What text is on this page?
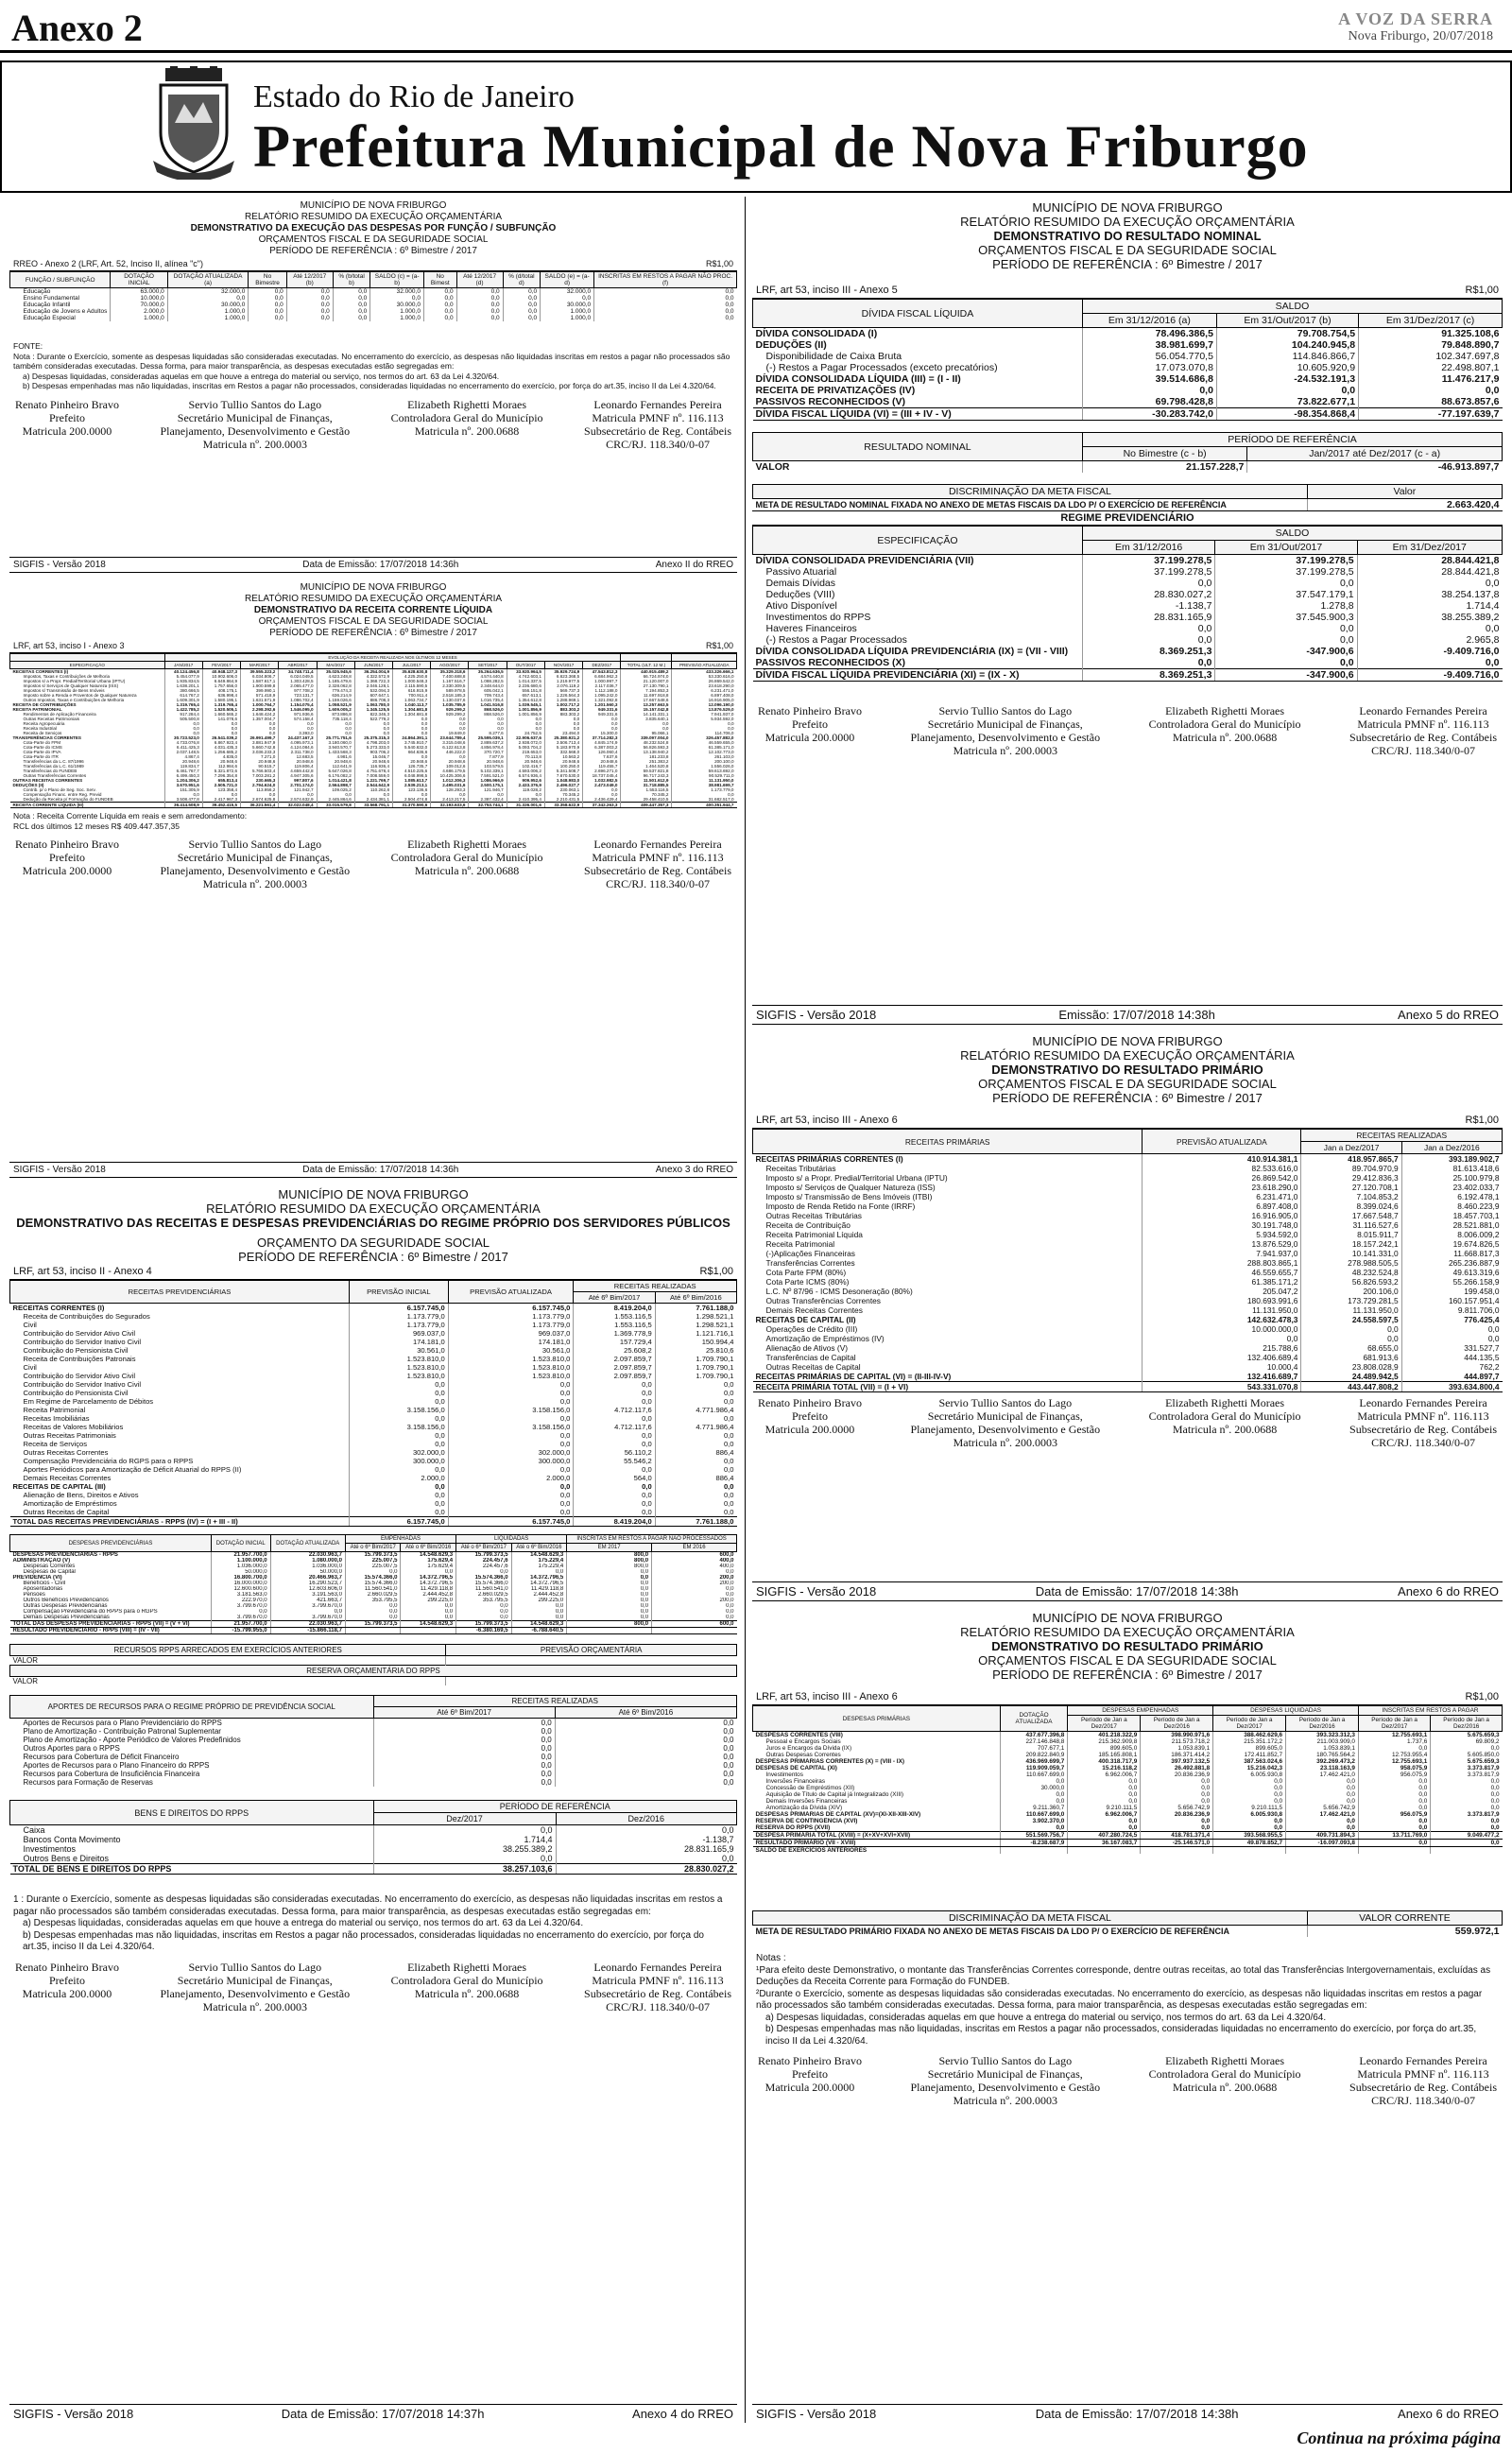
Anexo 2	A VOZ DA SERRA
Nova Friburgo, 20/07/2018
Estado do Rio de Janeiro
Prefeitura Municipal de Nova Friburgo
MUNICÍPIO DE NOVA FRIBURGO
RELATÓRIO RESUMIDO DA EXECUÇÃO ORÇAMENTÁRIA
DEMONSTRATIVO DA EXECUÇÃO DAS DESPESAS POR FUNÇÃO / SUBFUNÇÃO
ORÇAMENTOS FISCAL E DA SEGURIDADE SOCIAL
PERÍODO DE REFERÊNCIA : 6º Bimestre / 2017
RREO - Anexo 2 (LRF, Art. 52, Inciso II, alínea "c")	R$1,00
FUNÇÃO / SUBFUNÇÃO	DOTAÇÃO INICIAL	DOTAÇÃO ATUALIZADA (a)	No Bimestre	Até 12/2017 (b)	% (b/total b)	SALDO (c) = (a-b)	No Bimest	Até 12/2017 (d)	% (d/total d)	SALDO (e) = (a-d)	INSCRITAS EM RESTOS A PAGAR NÃO PROC. (f)
Educação	63.000,0	32.000,0	0,0	0,0	0,0	32.000,0	0,0	0,0	0,0	32.000,0	0,0
Ensino Fundamental	10.000,0	0,0	0,0	0,0	0,0	0,0	0,0	0,0	0,0	0,0	0,0
Educação Infantil	70.000,0	30.000,0	0,0	0,0	0,0	30.000,0	0,0	0,0	0,0	30.000,0	0,0
Educação de Jovens e Adultos	2.000,0	1.000,0	0,0	0,0	0,0	1.000,0	0,0	0,0	0,0	1.000,0	0,0
Educação Especial	1.000,0	1.000,0	0,0	0,0	0,0	1.000,0	0,0	0,0	0,0	1.000,0	0,0
FONTE:
Nota : Durante o Exercício, somente as despesas liquidadas são consideradas executadas. No encerramento do exercício, as despesas não liquidadas inscritas em restos a pagar não processados são também consideradas executadas. Dessa forma, para maior transparência, as despesas executadas estão segregadas em:
a) Despesas liquidadas, consideradas aquelas em que houve a entrega do material ou serviço, nos termos do art. 63 da Lei 4.320/64.
b) Despesas empenhadas mas não liquidadas, inscritas em Restos a pagar não processados, consideradas liquidadas no encerramento do exercício, por força do art.35, inciso II da Lei 4.320/64.
Renato Pinheiro Bravo
Prefeito
Matricula 200.0000
Servio Tullio Santos do Lago
Secretário Municipal de Finanças,
Planejamento, Desenvolvimento e Gestão
Matricula nº. 200.0003
Elizabeth Righetti Moraes
Controladora Geral do Município
Matricula nº. 200.0688
Leonardo Fernandes Pereira
Matricula PMNF nº. 116.113
Subsecretário de Reg. Contábeis
CRC/RJ. 118.340/0-07
SIGFIS - Versão 2018	Data de Emissão: 17/07/2018 14:36h	Anexo II do RREO
MUNICÍPIO DE NOVA FRIBURGO
RELATÓRIO RESUMIDO DA EXECUÇÃO ORÇAMENTÁRIA
DEMONSTRATIVO DA RECEITA CORRENTE LÍQUIDA
ORÇAMENTOS FISCAL E DA SEGURIDADE SOCIAL
PERÍODO DE REFERÊNCIA : 6º Bimestre / 2017
LRF, art 53, inciso I - Anexo 3	R$1,00
	EVOLUÇÃO DA RECEITA REALIZADA NOS ÚLTIMOS 12 MESES													
ESPECIFICAÇÃO	JAN/2017	FEV/2017	MAR/2017	ABR/2017	MAI/2017	JUN/2017	JUL/2017	AGO/2017	SET/2017	OUT/2017	NOV/2017	DEZ/2017	TOTAL (ULT. 12 M.)	PREVISÃO ATUALIZADA
RECEITAS CORRENTES (I)	40.124.456,8	40.948.127,3	39.555.323,2	34.748.711,4	35.025.945,6	36.254.004,9	35.628.630,8	35.329.318,6	35.264.636,5	33.920.964,5	35.929.724,9	47.543.812,3	440.915.489,2	433.326.666,1
Impostos, Taxas e Contribuições de Melhoria	5.454.077,9	10.902.606,0	6.034.806,7	6.024.049,5	4.623.248,8	4.322.572,9	4.225.250,8	7.400.688,8	4.574.440,8	4.742.603,1	6.623.368,5	6.684.962,3	66.724.974,0	53.330.616,0
Impostos s/ a Propr. Predial/Territorial Urbana (IPTU)	1.935.834,5	6.649.864,9	1.587.617,1	1.303.428,5	1.185.479,6	1.368.722,3	1.000.548,3	1.167.516,7	1.088.282,5	1.014.337,5	1.219.977,5	1.000.997,7	21.120.007,0	26.869.542,0
Impostos s/ Serviços de Qualquer Natureza (ISS)	1.638.201,1	1.757.656,0	1.900.599,8	2.065.477,0	2.328.062,8	2.046.128,1	2.115.590,5	2.330.309,5	2.348.644,0	2.236.680,6	2.076.119,2	2.117.036,7	27.130.790,1	23.618.290,0
Impostos s/ Transmissão de Bens Imóveis	380.666,5	408.175,1	399.990,1	977.708,2	779.474,3	532.094,3	616.915,9	589.978,5	605.042,1	556.151,8	569.737,3	1.112.188,0	7.194.853,3	6.231.471,0
Imposto sobre a Renda e Proventos de Qualquer Natureza	614.767,2	636.998,4	571.418,9	723.131,7	636.214,9	607.647,1	700.911,4	2.518.185,3	709.743,4	657.613,1	1.226.564,3	1.095.242,0	11.697.918,8	6.897.408,0
Outros Impostos, Taxas e Contribuições de Melhoria	1.609.301,9	1.580.195,1	1.631.571,9	1.086.702,4	1.159.026,6	886.708,3	1.063.734,7	1.130.037,6	1.016.735,4	1.354.612,8	1.288.969,1	1.321.092,8	17.667.548,6	16.916.905,0
RECEITA DE CONTRIBUIÇÕES	1.319.765,4	1.319.765,4	1.000.764,7	1.154.075,4	1.058.521,9	1.063.780,0	1.040.113,7	1.035.785,9	1.041.516,8	1.039.545,1	1.002.717,2	1.201.560,3	13.257.663,5	12.096.190,0
RECEITA PATRIMONIAL	1.422.785,2	1.520.505,1	2.298.392,6	1.546.095,0	1.609.005,2	1.345.125,5	1.304.681,8	929.299,2	868.526,0	1.001.856,9	883.303,2	949.331,6	15.157.042,8	13.876.529,0
Rendimentos de Aplicação Financeira	917.284,4	1.660.565,2	1.648.424,2	971.936,6	873.886,8	822.346,3	1.304.681,8	929.299,2	868.526,0	1.001.856,9	883.303,2	949.331,6	14.141.331,1	7.941.937,0
Outras Receitas Patrimoniais	505.500,8	141.078,6	1.357.004,7	574.158,4	735.118,4	522.779,2	0,0	0,0	0,0	0,0	0,0	0,0	3.835.640,1	5.934.592,0
Receita Agropecuária	0,0	0,0	0,0	0,0	0,0	0,0	0,0	0,0	0,0	0,0	0,0	0,0	0,0	0,0
Receita Industrial	0,0	0,0	0,0	0,0	0,0	0,0	0,0	0,0	0,0	0,0	0,0	0,0	0,0	0,0
Receita de Serviços	0,0	0,0	0,0	3.393,0	0,0	0,0	0,0	19.849,0	8.277,6	24.752,5	23.494,0	15.300,0	95.066,1	114.706,0
TRANSFERÊNCIAS CORRENTES	30.723.523,0	26.541.039,2	26.991.499,7	24.437.167,3	25.771.751,6	25.375.315,3	24.864.391,1	23.644.789,4	25.595.039,1	22.906.637,6	25.380.921,2	37.714.282,3	339.097.004,0	326.457.882,0
Cota-Parte do FPM	4.733.076,8	6.867.923,4	3.881.947,9	4.095.973,1	3.180.060,0	4.798.203,0	3.745.910,7	3.315.048,6	2.889.637,2	2.938.072,0	3.506.713,4	4.845.174,9	48.232.524,8	46.559.655,0
Cota-Parte do ICMS	6.411.425,3	4.031.435,3	5.660.742,8	4.124.084,6	3.940.570,7	5.273.333,0	5.540.632,0	6.122.613,8	4.856.978,4	5.093.704,2	5.183.970,9	6.387.003,2	56.826.593,3	61.385.171,0
Cota-Parte do IPVA	2.037.148,5	1.256.685,2	3.036.233,3	2.311.738,0	1.433.568,3	903.706,2	664.636,6	446.222,0	370.720,7	219.653,0	332.568,0	126.060,4	13.138.940,2	12.102.773,0
Cota-Parte do ITR	4.867,4	4.835,0	7.271,0	12.683,5	4.981,6	15.046,7	0,0	0,0	7.877,9	70.113,8	10.563,2	7.637,6	181.233,8	261.103,0
Transferências da L.C. 87/1996	20.948,6	20.948,6	20.948,6	20.948,6	20.948,6	20.948,6	20.948,6	20.948,6	20.948,6	20.948,6	20.948,6	20.948,6	251.383,2	200.100,0
Transferências da L.C. 61/1989	119.834,7	112.984,6	90.515,7	119.806,4	112.641,9	116.936,4	126.735,7	109.012,6	103.579,5	102.416,7	100.250,0	119.455,7	1.464.520,8	1.556.026,0
Transferências do FUNDEB	6.461.767,7	5.321.872,6	5.766.503,4	4.659.442,8	5.647.026,8	4.751.678,4	4.510.225,6	4.686.179,5	5.102.339,1	4.593.006,2	5.341.508,7	2.696.271,0	59.537.821,8	59.613.692,0
Outras Transferências Correntes	6.499.450,3	7.296.354,8	7.003.281,2	4.947.305,6	6.176.082,2	7.008.559,0	6.048.998,5	10.425.306,6	7.591.521,0	6.574.936,4	7.670.530,0	18.737.045,4	96.717.243,3	90.529.711,0
OUTRAS RECEITAS CORRENTES	1.204.306,2	655.813,4	230.665,3	997.807,6	1.014.421,8	1.221.769,7	1.085.613,7	1.012.306,3	1.086.966,9	909.952,6	1.048.983,0	1.032.982,5	11.501.612,9	11.131.950,0
DEDUÇÕES (II)	3.670.951,6	2.505.721,0	2.794.624,0	2.701.174,0	2.564.898,7	2.544.642,9	2.539.213,1	2.495.031,6	2.500.175,1	2.433.376,9	2.496.027,7	2.473.049,0	31.718.885,5	38.981.699,7
Contrib. p/ o Plano de Seg. Soc. Serv.	151.305,9	123.358,4	113.956,2	121.942,7	109.025,2	110.262,8	123.136,6	128.293,3	121.946,7	119.028,2	230.063,1	0,0	1.553.116,5	1.173.779,0
Compensação Financ. entre Reg. Previd	0,0	0,0	0,0	0,0	0,0	0,0	0,0	0,0	0,0	0,0	70.345,2	0,0	70.345,2	0,0
Dedução da Receita p/ Formação do FUNDEB	3.508.477,8	2.417.967,3	2.674.625,8	2.574.632,9	2.445.864,6	2.434.381,1	2.504.474,8	2.413.217,5	2.387.432,4	2.410.395,4	2.210.431,5	2.436.429,4	29.458.410,5	31.682.517,0
RECEITA CORRENTE LÍQUIDA (III)	36.414.508,9	39.452.415,5	36.221.561,4	32.022.048,4	33.015.579,8	33.568.791,1	31.370.590,6	32.193.633,6	32.753.744,1	31.326.001,6	33.358.622,9	37.342.263,3	409.447.357,3	400.351.944,7
Nota : Receita Corrente Líquida em reais e sem arredondamento:
RCL dos últimos 12 meses R$ 409.447.357,35
Renato Pinheiro Bravo
Prefeito
Matricula 200.0000
Servio Tullio Santos do Lago
Secretário Municipal de Finanças,
Planejamento, Desenvolvimento e Gestão
Matricula nº. 200.0003
Elizabeth Righetti Moraes
Controladora Geral do Município
Matricula nº. 200.0688
Leonardo Fernandes Pereira
Matricula PMNF nº. 116.113
Subsecretário de Reg. Contábeis
CRC/RJ. 118.340/0-07
SIGFIS - Versão 2018	Data de Emissão: 17/07/2018 14:36h	Anexo 3 do RREO
MUNICÍPIO DE NOVA FRIBURGO
RELATÓRIO RESUMIDO DA EXECUÇÃO ORÇAMENTÁRIA
DEMONSTRATIVO DAS RECEITAS E DESPESAS PREVIDENCIÁRIAS DO REGIME PRÓPRIO DOS SERVIDORES PÚBLICOS
ORÇAMENTO DA SEGURIDADE SOCIAL
PERÍODO DE REFERÊNCIA : 6º Bimestre / 2017
LRF, art 53, inciso II - Anexo 4	R$1,00
RECEITAS PREVIDENCIÁRIAS	PREVISÃO INICIAL	PREVISÃO ATUALIZADA	RECEITAS REALIZADAS	
			Até 6º Bim/2017	Até 6º Bim/2016
RECEITAS CORRENTES (I)	6.157.745,0	6.157.745,0	8.419.204,0	7.761.188,0
Receita de Contribuições do Segurados	1.173.779,0	1.173.779,0	1.553.116,5	1.298.521,1
Civil	1.173.779,0	1.173.779,0	1.553.116,5	1.298.521,1
Contribuição do Servidor Ativo Civil	969.037,0	969.037,0	1.369.778,9	1.121.716,1
Contribuição do Servidor Inativo Civil	174.181,0	174.181,0	157.729,4	150.994,4
Contribuição do Pensionista Civil	30.561,0	30.561,0	25.608,2	25.810,6
Receita de Contribuições Patronais	1.523.810,0	1.523.810,0	2.097.859,7	1.709.790,1
Civil	1.523.810,0	1.523.810,0	2.097.859,7	1.709.790,1
Contribuição do Servidor Ativo Civil	1.523.810,0	1.523.810,0	2.097.859,7	1.709.790,1
Contribuição do Servidor Inativo Civil	0,0	0,0	0,0	0,0
Contribuição do Pensionista Civil	0,0	0,0	0,0	0,0
Em Regime de Parcelamento de Débitos	0,0	0,0	0,0	0,0
Receita Patrimonial	3.158.156,0	3.158.156,0	4.712.117,6	4.771.986,4
Receitas Imobiliárias	0,0	0,0	0,0	0,0
Receitas de Valores Mobiliários	3.158.156,0	3.158.156,0	4.712.117,6	4.771.986,4
Outras Receitas Patrimoniais	0,0	0,0	0,0	0,0
Receita de Serviços	0,0	0,0	0,0	0,0
Outras Receitas Correntes	302.000,0	302.000,0	56.110,2	886,4
Compensação Previdenciária do RGPS para o RPPS	300.000,0	300.000,0	55.546,2	0,0
Aportes Periódicos para Amortização de Déficit Atuarial do RPPS (II)	0,0	0,0	0,0	0,0
Demais Receitas Correntes	2.000,0	2.000,0	564,0	886,4
RECEITAS DE CAPITAL (III)	0,0	0,0	0,0	0,0
Alienação de Bens, Direitos e Ativos	0,0	0,0	0,0	0,0
Amortização de Empréstimos	0,0	0,0	0,0	0,0
Outras Receitas de Capital	0,0	0,0	0,0	0,0
TOTAL DAS RECEITAS PREVIDENCIÁRIAS - RPPS (IV) = (I + III - II)	6.157.745,0	6.157.745,0	8.419.204,0	7.761.188,0
DESPESAS PREVIDENCIÁRIAS	DOTAÇÃO INICIAL	DOTAÇÃO ATUALIZADA	EMPENHADAS		LIQUIDADAS		INSCRITAS EM RESTOS A PAGAR NÃO PROCESSADOS	
			Até o 6º Bim/2017	Até o 6º Bim/2016	Até o 6º Bim/2017	Até o 6º Bim/2016	EM 2017	EM 2016
DESPESAS PREVIDENCIÁRIAS - RPPS	21.957.700,0	22.030.963,7	15.799.373,5	14.548.629,3	15.799.373,5	14.548.629,3	800,0	600,0
ADMINISTRAÇÃO (V)	1.100.000,0	1.080.000,0	225.007,5	175.629,4	224.457,6	175.229,4	800,0	400,0
Despesas Correntes	1.036.000,0	1.036.000,0	225.007,5	175.629,4	224.457,6	175.229,4	800,0	400,0
Despesas de Capital	50.000,0	50.000,0	0,0	0,0	0,0	0,0	0,0	0,0
PREVIDÊNCIA (VI)	16.800.700,0	20.466.963,7	15.574.366,0	14.372.796,5	15.574.366,0	14.372.796,5	0,0	200,0
Benefícios - Civil	16.000.000,0	16.290.523,7	15.574.366,0	14.372.796,5	15.574.366,0	14.372.796,5	0,0	200,0
Aposentadorias	12.600.600,0	12.603.606,0	11.560.541,0	11.429.118,8	11.560.541,0	11.429.118,8	0,0	0,0
Pensões	3.181.563,0	3.191.563,0	2.660.029,5	2.444.452,8	2.660.029,5	2.444.452,8	0,0	0,0
Outros Benefícios Previdenciários	222.970,0	421.663,7	353.795,5	299.225,0	353.795,5	299.225,0	0,0	200,0
Outras Despesas Previdenciárias	3.799.670,0	3.799.670,0	0,0	0,0	0,0	0,0	0,0	0,0
Compensação Previdenciária do RPPS para o RGPS	0,0	0,0	0,0	0,0	0,0	0,0	0,0	0,0
Demais Despesas Previdenciárias	3.799.670,0	3.799.670,0	0,0	0,0	0,0	0,0	0,0	0,0
TOTAL DAS DESPESAS PREVIDENCIÁRIAS - RPPS (VII) = (V + VI)	21.957.700,0	22.030.963,7	15.799.373,5	14.548.629,3	15.799.373,5	14.548.629,3	800,0	600,0
RESULTADO PREVIDENCIÁRIO - RPPS (VIII) = (IV - VII)	-15.799.955,0	-15.866.118,7			-6.380.169,5	-6.788.640,5		
RECURSOS RPPS ARRECADOS EM EXERCÍCIOS ANTERIORES	PREVISÃO ORÇAMENTÁRIA
VALOR	
RESERVA ORÇAMENTÁRIA DO RPPS	
VALOR	
APORTES DE RECURSOS PARA O REGIME PRÓPRIO DE PREVIDÊNCIA SOCIAL	RECEITAS REALIZADAS	
	Até 6º Bim/2017	Até 6º Bim/2016
Aportes de Recursos para o Plano Previdenciário do RPPS	0,0	0,0
Plano de Amortização - Contribuição Patronal Suplementar	0,0	0,0
Plano de Amortização - Aporte Periódico de Valores Predefinidos	0,0	0,0
Outros Aportes para o RPPS	0,0	0,0
Recursos para Cobertura de Déficit Financeiro	0,0	0,0
Aportes de Recursos para o Plano Financeiro do RPPS	0,0	0,0
Recursos para Cobertura de Insuficiência Financeira	0,0	0,0
Recursos para Formação de Reservas	0,0	0,0
BENS E DIREITOS DO RPPS	PERÍODO DE REFERÊNCIA	
	Dez/2017	Dez/2016
Caixa	0,0	0,0
Bancos Conta Movimento	1.714,4	-1.138,7
Investimentos	38.255.389,2	28.831.165,9
Outros Bens e Direitos	0,0	0,0
TOTAL DE BENS E DIREITOS DO RPPS	38.257.103,6	28.830.027,2
1 : Durante o Exercício, somente as despesas liquidadas são consideradas executadas. No encerramento do exercício, as despesas não liquidadas inscritas em restos a pagar não processados são também consideradas executadas. Dessa forma, para maior transparência, as despesas executadas estão segregadas em:
a) Despesas liquidadas, consideradas aquelas em que houve a entrega do material ou serviço, nos termos do art. 63 da Lei 4.320/64.
b) Despesas empenhadas mas não liquidadas, inscritas em Restos a pagar não processados, consideradas liquidadas no encerramento do exercício, por força do art.35, inciso II da Lei 4.320/64.
Renato Pinheiro Bravo
Prefeito
Matricula 200.0000
Servio Tullio Santos do Lago
Secretário Municipal de Finanças,
Planejamento, Desenvolvimento e Gestão
Matricula nº. 200.0003
Elizabeth Righetti Moraes
Controladora Geral do Município
Matricula nº. 200.0688
Leonardo Fernandes Pereira
Matricula PMNF nº. 116.113
Subsecretário de Reg. Contábeis
CRC/RJ. 118.340/0-07
SIGFIS - Versão 2018	Data de Emissão: 17/07/2018 14:37h	Anexo 4 do RREO
MUNICÍPIO DE NOVA FRIBURGO
RELATÓRIO RESUMIDO DA EXECUÇÃO ORÇAMENTÁRIA
DEMONSTRATIVO DO RESULTADO NOMINAL
ORÇAMENTOS FISCAL E DA SEGURIDADE SOCIAL
PERÍODO DE REFERÊNCIA : 6º Bimestre / 2017
LRF, art 53, inciso III - Anexo 5	R$1,00
DÍVIDA FISCAL LÍQUIDA	SALDO		
	Em 31/12/2016 (a)	Em 31/Out/2017 (b)	Em 31/Dez/2017 (c)
DÍVIDA CONSOLIDADA (I)	78.496.386,5	79.708.754,5	91.325.108,6
DEDUÇÕES (II)	38.981.699,7	104.240.945,8	79.848.890,7
Disponibilidade de Caixa Bruta	56.054.770,5	114.846.866,7	102.347.697,8
(-) Restos a Pagar Processados (exceto precatórios)	17.073.070,8	10.605.920,9	22.498.807,1
DÍVIDA CONSOLIDADA LÍQUIDA (III) = (I - II)	39.514.686,8	-24.532.191,3	11.476.217,9
RECEITA DE PRIVATIZAÇÕES (IV)	0,0	0,0	0,0
PASSIVOS RECONHECIDOS (V)	69.798.428,8	73.822.677,1	88.673.857,6
DÍVIDA FISCAL LÍQUIDA (VI) = (III + IV - V)	-30.283.742,0	-98.354.868,4	-77.197.639,7
RESULTADO NOMINAL	PERÍODO DE REFERÊNCIA	
	No Bimestre (c - b)	Jan/2017 até Dez/2017 (c - a)
VALOR	21.157.228,7	-46.913.897,7
DISCRIMINAÇÃO DA META FISCAL	Valor
META DE RESULTADO NOMINAL FIXADA NO ANEXO DE METAS FISCAIS DA LDO P/ O EXERCÍCIO DE REFERÊNCIA	2.663.420,4
REGIME PREVIDENCIÁRIO
ESPECIFICAÇÃO	SALDO		
	Em 31/12/2016	Em 31/Out/2017	Em 31/Dez/2017
DÍVIDA CONSOLIDADA PREVIDENCIÁRIA (VII)	37.199.278,5	37.199.278,5	28.844.421,8
Passivo Atuarial	37.199.278,5	37.199.278,5	28.844.421,8
Demais Dívidas	0,0	0,0	0,0
Deduções (VIII)	28.830.027,2	37.547.179,1	38.254.137,8
Ativo Disponível	-1.138,7	1.278,8	1.714,4
Investimentos do RPPS	28.831.165,9	37.545.900,3	38.255.389,2
Haveres Financeiros	0,0	0,0	0,0
(-) Restos a Pagar Processados	0,0	0,0	2.965,8
DÍVIDA CONSOLIDADA LÍQUIDA PREVIDENCIÁRIA (IX) = (VII - VIII)	8.369.251,3	-347.900,6	-9.409.716,0
PASSIVOS RECONHECIDOS (X)	0,0	0,0	0,0
DÍVIDA FISCAL LÍQUIDA PREVIDENCIÁRIA (XI) = (IX - X)	8.369.251,3	-347.900,6	-9.409.716,0
Renato Pinheiro Bravo
Prefeito
Matricula 200.0000
Servio Tullio Santos do Lago
Secretário Municipal de Finanças,
Planejamento, Desenvolvimento e Gestão
Matricula nº. 200.0003
Elizabeth Righetti Moraes
Controladora Geral do Município
Matricula nº. 200.0688
Leonardo Fernandes Pereira
Matricula PMNF nº. 116.113
Subsecretário de Reg. Contábeis
CRC/RJ. 118.340/0-07
SIGFIS - Versão 2018	Emissão: 17/07/2018 14:38h	Anexo 5 do RREO
MUNICÍPIO DE NOVA FRIBURGO
RELATÓRIO RESUMIDO DA EXECUÇÃO ORÇAMENTÁRIA
DEMONSTRATIVO DO RESULTADO PRIMÁRIO
ORÇAMENTOS FISCAL E DA SEGURIDADE SOCIAL
PERÍODO DE REFERÊNCIA : 6º Bimestre / 2017
LRF, art 53, inciso III - Anexo 6	R$1,00
RECEITAS PRIMÁRIAS	PREVISÃO ATUALIZADA	RECEITAS REALIZADAS	
		Jan a Dez/2017	Jan a Dez/2016
RECEITAS PRIMÁRIAS CORRENTES (I)	410.914.381,1	418.957.865,7	393.189.902,7
Receitas Tributárias	82.533.616,0	89.704.970,9	81.613.418,6
Imposto s/ a Propr. Predial/Territorial Urbana (IPTU)	26.869.542,0	29.412.836,3	25.100.979,8
Imposto s/ Serviços de Qualquer Natureza (ISS)	23.618.290,0	27.120.708,1	23.402.033,7
Imposto s/ Transmissão de Bens Imóveis (ITBI)	6.231.471,0	7.104.853,2	6.192.478,1
Imposto de Renda Retido na Fonte (IRRF)	6.897.408,0	8.399.024,6	8.460.223,9
Outras Receitas Tributárias	16.916.905,0	17.667.548,7	18.457.703,1
Receita de Contribuição	30.191.748,0	31.116.527,6	28.521.881,0
Receita Patrimonial Líquida	5.934.592,0	8.015.911,7	8.006.009,2
Receita Patrimonial	13.876.529,0	18.157.242,1	19.674.826,5
(-)Aplicações Financeiras	7.941.937,0	10.141.331,0	11.668.817,3
Transferências Correntes	288.803.865,1	278.988.505,5	265.236.887,9
Cota Parte FPM (80%)	46.559.655,7	48.232.524,8	49.613.319,6
Cota Parte ICMS (80%)	61.385.171,2	56.826.593,2	55.266.158,9
L.C. Nº 87/96 - ICMS Desoneração (80%)	205.047,2	200.106,0	199.458,0
Outras Transferências Correntes	180.693.991,6	173.729.281,5	160.157.951,4
Demais Receitas Correntes	11.131.950,0	11.131.950,0	9.811.706,0
RECEITAS DE CAPITAL (II)	142.632.478,3	24.558.597,5	776.425,4
Operações de Crédito (III)	10.000.000,0	0,0	0,0
Amortização de Empréstimos (IV)	0,0	0,0	0,0
Alienação de Ativos (V)	215.788,6	68.655,0	331.527,7
Transferências de Capital	132.406.689,4	681.913,6	444.135,5
Outras Receitas de Capital	10.000,4	23.808.028,9	762,2
RECEITAS PRIMÁRIAS DE CAPITAL (VI) = (II-III-IV-V)	132.416.689,7	24.489.942,5	444.897,7
RECEITA PRIMÁRIA TOTAL (VII) = (I + VI)	543.331.070,8	443.447.808,2	393.634.800,4
Renato Pinheiro Bravo
Prefeito
Matricula 200.0000
Servio Tullio Santos do Lago
Secretário Municipal de Finanças,
Planejamento, Desenvolvimento e Gestão
Matricula nº. 200.0003
Elizabeth Righetti Moraes
Controladora Geral do Município
Matricula nº. 200.0688
Leonardo Fernandes Pereira
Matricula PMNF nº. 116.113
Subsecretário de Reg. Contábeis
CRC/RJ. 118.340/0-07
SIGFIS - Versão 2018	Data de Emissão: 17/07/2018 14:38h	Anexo 6 do RREO
MUNICÍPIO DE NOVA FRIBURGO
RELATÓRIO RESUMIDO DA EXECUÇÃO ORÇAMENTÁRIA
DEMONSTRATIVO DO RESULTADO PRIMÁRIO
ORÇAMENTOS FISCAL E DA SEGURIDADE SOCIAL
PERÍODO DE REFERÊNCIA : 6º Bimestre / 2017
LRF, art 53, inciso III - Anexo 6	R$1,00
DESPESAS PRIMÁRIAS	DOTAÇÃO ATUALIZADA	DESPESAS EMPENHADAS		DESPESAS LIQUIDADAS		INSCRITAS EM RESTOS A PAGAR	
		Período de Jan a Dez/2017	Período de Jan a Dez/2016	Período de Jan a Dez/2017	Período de Jan a Dez/2016	Período de Jan a Dez/2017	Período de Jan a Dez/2016
DESPESAS CORRENTES (VIII)	437.677.396,8	401.218.322,9	398.990.971,6	388.462.629,6	393.323.312,3	12.755.693,1	5.675.659,3
Pessoal e Encargos Sociais	227.146.848,8	215.362.909,8	211.573.718,2	215.351.172,2	211.003.909,0	1.737,6	69.809,2
Juros e Encargos da Dívida (IX)	707.677,1	899.605,0	1.053.839,1	899.605,0	1.053.839,1	0,0	0,0
Outras Despesas Correntes	209.822.840,9	185.165.808,1	186.371.414,2	172.411.852,7	180.765.564,2	12.753.955,4	5.605.850,0
DESPESAS PRIMÁRIAS CORRENTES (X) = (VIII - IX)	436.969.699,7	400.318.717,9	397.937.132,5	387.563.024,6	392.269.473,2	12.755.693,1	5.675.659,3
DESPESAS DE CAPITAL (XI)	119.909.059,7	15.216.118,2	26.492.881,8	15.216.042,3	23.118.163,9	958.075,9	3.373.817,9
Investimentos	110.667.699,0	6.962.006,7	20.836.236,9	6.005.930,8	17.462.421,0	956.075,9	3.373.817,9
Inversões Financeiras	0,0	0,0	0,0	0,0	0,0	0,0	0,0
Concessão de Empréstimos (XII)	30.000,0	0,0	0,0	0,0	0,0	0,0	0,0
Aquisição de Título de Capital já Integralizado (XIII)	0,0	0,0	0,0	0,0	0,0	0,0	0,0
Demais Inversões Financeiras	0,0	0,0	0,0	0,0	0,0	0,0	0,0
Amortização da Dívida (XIV)	9.211.360,7	9.210.111,5	5.656.742,9	9.210.111,5	5.656.742,9	0,0	0,0
DESPESAS PRIMÁRIAS DE CAPITAL (XV)=(XI-XII-XIII-XIV)	110.667.699,0	6.962.006,7	20.836.236,9	6.005.930,8	17.462.421,0	956.075,9	3.373.817,9
RESERVA DE CONTINGÊNCIA (XVI)	3.902.370,0	0,0	0,0	0,0	0,0	0,0	0,0
RESERVA DO RPPS (XVII)	0,0	0,0	0,0	0,0	0,0	0,0	0,0
DESPESA PRIMÁRIA TOTAL (XVIII) = (X+XV+XVI+XVII)	551.569.756,7	407.280.724,5	418.781.371,4	393.568.955,5	409.731.894,3	13.711.769,0	9.049.477,2
RESULTADO PRIMÁRIO (VII - XVIII)	-8.238.687,9	36.167.083,7	-25.146.571,0	49.878.852,7	-16.097.093,8	0,0	0,0
SALDO DE EXERCÍCIOS ANTERIORES							
DISCRIMINAÇÃO DA META FISCAL	VALOR CORRENTE
META DE RESULTADO PRIMÁRIO FIXADA NO ANEXO DE METAS FISCAIS DA LDO P/ O EXERCÍCIO DE REFERÊNCIA	559.972,1
Notas :
¹Para efeito deste Demonstrativo, o montante das Transferências Correntes corresponde, dentre outras receitas, ao total das Transferências Intergovernamentais, excluídas as Deduções da Receita Corrente para Formação do FUNDEB.
²Durante o Exercício, somente as despesas liquidadas são consideradas executadas. No encerramento do exercício, as despesas não liquidadas inscritas em restos a pagar não processados são também consideradas executadas. Dessa forma, para maior transparência, as despesas executadas estão segregadas em:
a) Despesas liquidadas, consideradas aquelas em que houve a entrega do material ou serviço, nos termos do art. 63 da Lei 4.320/64.
b) Despesas empenhadas mas não liquidadas, inscritas em Restos a pagar não processados, consideradas liquidadas no encerramento do exercício, por força do art.35, inciso II da Lei 4.320/64.
Renato Pinheiro Bravo
Prefeito
Matricula 200.0000
Servio Tullio Santos do Lago
Secretário Municipal de Finanças,
Planejamento, Desenvolvimento e Gestão
Matricula nº. 200.0003
Elizabeth Righetti Moraes
Controladora Geral do Município
Matricula nº. 200.0688
Leonardo Fernandes Pereira
Matricula PMNF nº. 116.113
Subsecretário de Reg. Contábeis
CRC/RJ. 118.340/0-07
SIGFIS - Versão 2018	Data de Emissão: 17/07/2018 14:38h	Anexo 6 do RREO
Continua na próxima página
